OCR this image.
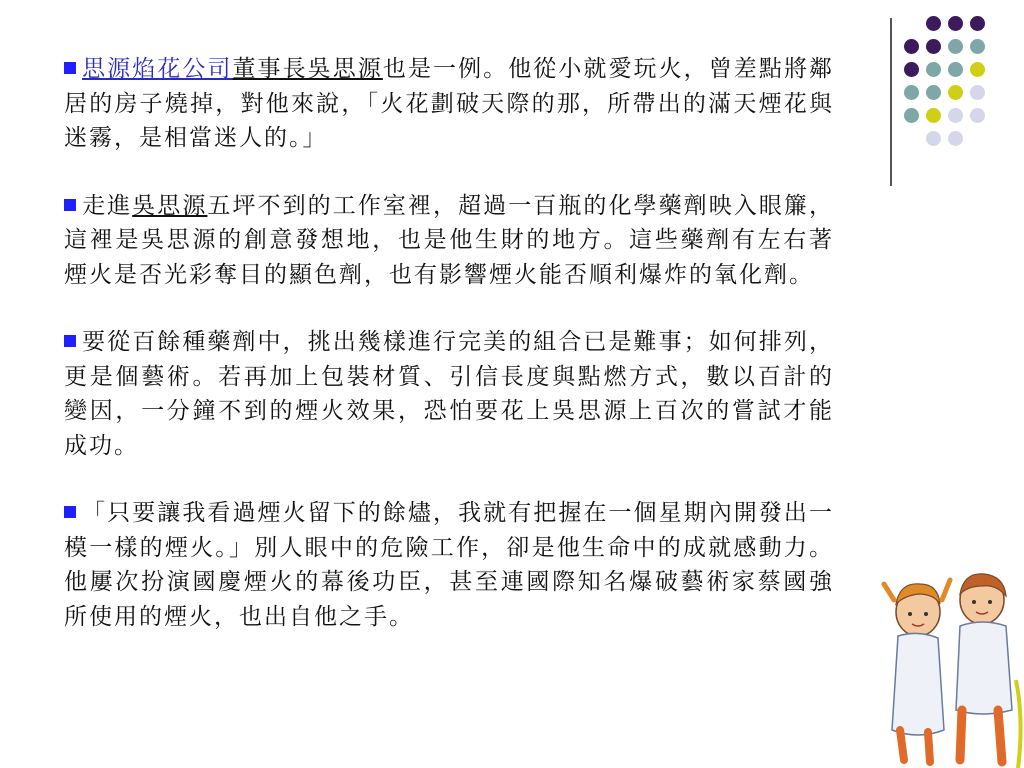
思源焰花公司董事長吳思源也是一例。他從小就愛玩火，曾差點將鄰居的房子燒掉，對他來說，「火花劃破天際的那，所帶出的滿天煙花與迷霧，是相當迷人的。」

走進吳思源五坪不到的工作室裡，超過一百瓶的化學藥劑映入眼簾，這裡是吳思源的創意發想地，也是他生財的地方。這些藥劑有左右著煙火是否光彩奪目的顯色劑，也有影響煙火能否順利爆炸的氧化劑。

要從百餘種藥劑中，挑出幾樣進行完美的組合已是難事；如何排列，更是個藝術。若再加上包裝材質、引信長度與點燃方式，數以百計的變因，一分鐘不到的煙火效果，恐怕要花上吳思源上百次的嘗試才能成功。

「只要讓我看過煙火留下的餘燼，我就有把握在一個星期內開發出一模一樣的煙火。」別人眼中的危險工作，卻是他生命中的成就感動力。他屢次扮演國慶煙火的幕後功臣，甚至連國際知名爆破藝術家蔡國強所使用的煙火，也出自他之手。
